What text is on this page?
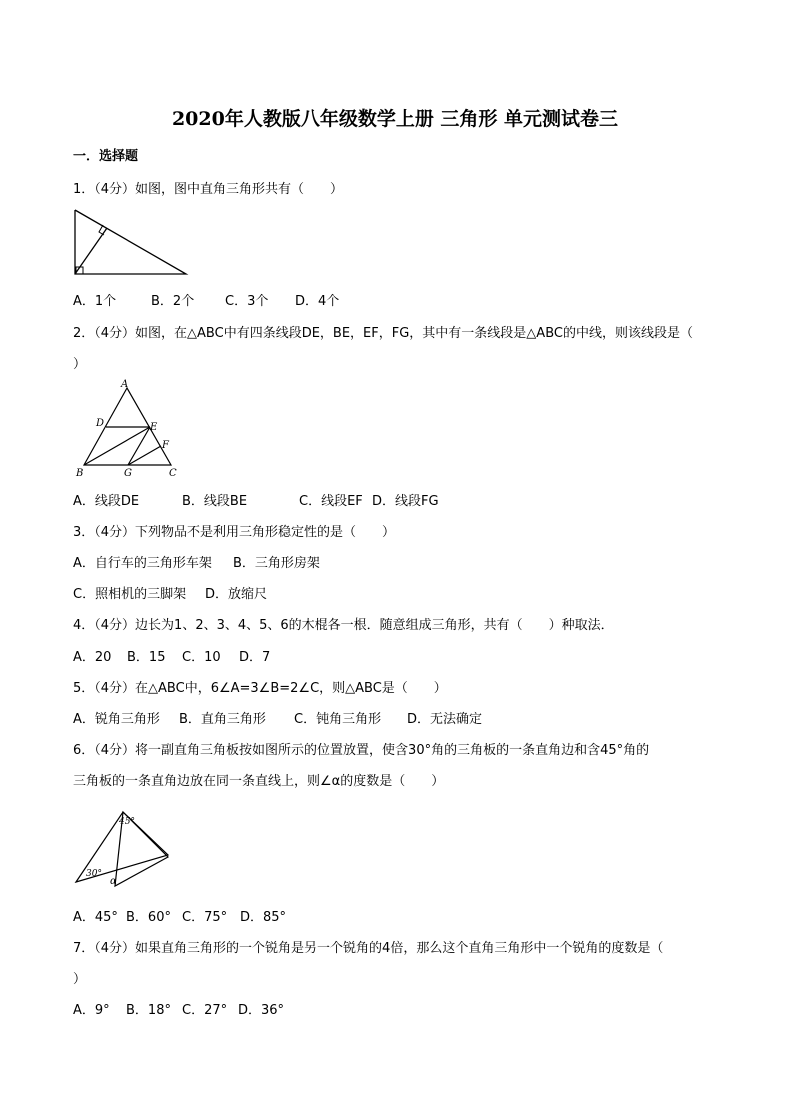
2020年人教版八年级数学上册 三角形 单元测试卷三
一．选择题
1．（4分）如图，图中直角三角形共有（　　）
A．1个	B．2个 C．3个 D．4个
2．（4分）如图，在△ABC中有四条线段DE，BE，EF，FG，其中有一条线段是△ABC的中线，则该线段是（
）
A
D	E
F
B	G	C
A．线段DE	B．线段BE	C．线段EF D．线段FG
3．（4分）下列物品不是利用三角形稳定性的是（　　）
A．自行车的三角形车架 B．三角形房架
C．照相机的三脚架 D．放缩尺
4．（4分）边长为1、2、3、4、5、6的木棍各一根．随意组成三角形，共有（　　）种取法．
A．20 B．15 C．10 D．7
5．（4分）在△ABC中，6∠A=3∠B=2∠C，则△ABC是（　　）
A．锐角三角形 B．直角三角形 C．钝角三角形 D．无法确定
6．（4分）将一副直角三角板按如图所示的位置放置，使含30°角的三角板的一条直角边和含45°角的
三角板的一条直角边放在同一条直线上，则∠α的度数是（　　）
45°
30°
α
A．45° B．60° C．75° D．85°
7．（4分）如果直角三角形的一个锐角是另一个锐角的4倍，那么这个直角三角形中一个锐角的度数是（
）
A．9° B．18° C．27° D．36°
